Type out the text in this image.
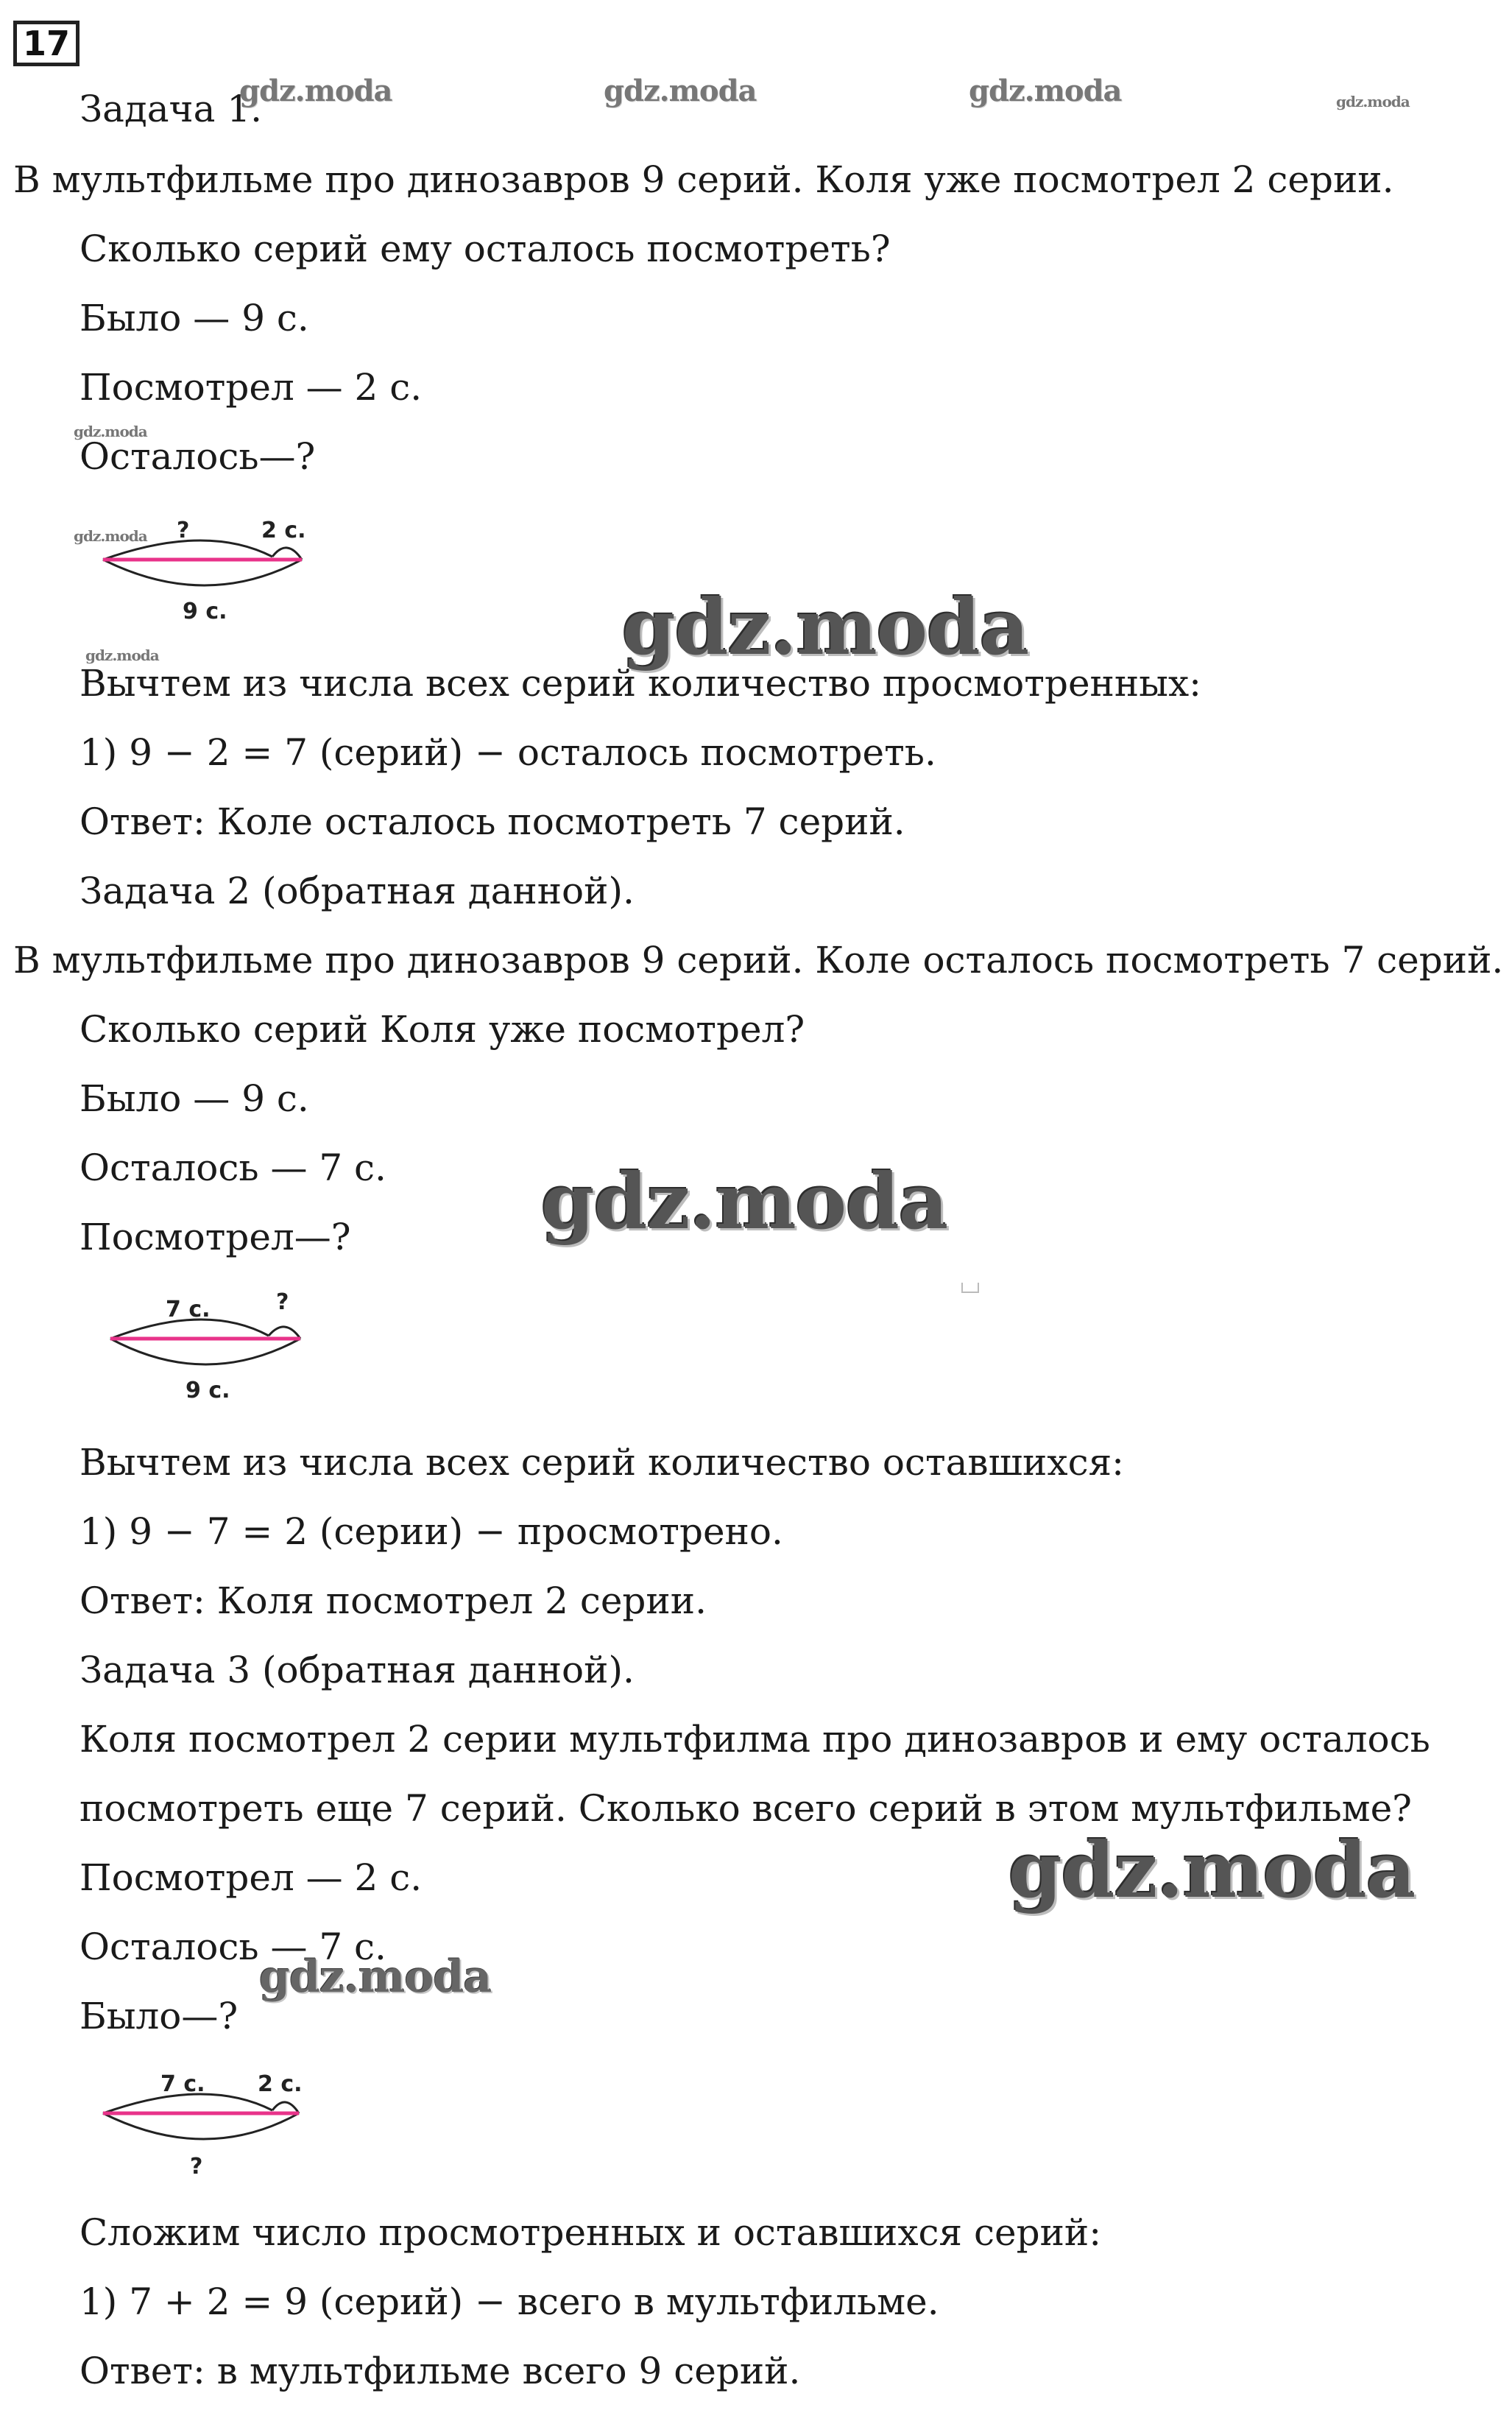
17
Задача 1.
В мультфильме про динозавров 9 серий. Коля уже посмотрел 2 серии.
Сколько серий ему осталось посмотреть?
Было — 9 с.
Посмотрел — 2 с.
Осталось—?
?	2 с.
9 с.
Вычтем из числа всех серий количество просмотренных:
1) 9 − 2 = 7 (серий) − осталось посмотреть.
Ответ: Коле осталось посмотреть 7 серий.
Задача 2 (обратная данной).
В мультфильме про динозавров 9 серий. Коле осталось посмотреть 7 серий.
Сколько серий Коля уже посмотрел?
Было — 9 с.
Осталось — 7 с.
Посмотрел—?
7 с.	?
9 с.
Вычтем из числа всех серий количество оставшихся:
1) 9 − 7 = 2 (серии) − просмотрено.
Ответ: Коля посмотрел 2 серии.
Задача 3 (обратная данной).
Коля посмотрел 2 серии мультфилма про динозавров и ему осталось
посмотреть еще 7 серий. Сколько всего серий в этом мультфильме?
Посмотрел — 2 с.
Осталось — 7 с.
Было—?
7 с. 2 с.
?
Сложим число просмотренных и оставшихся серий:
1) 7 + 2 = 9 (серий) − всего в мультфильме.
Ответ: в мультфильме всего 9 серий.
gdz.moda	gdz.moda	gdz.moda	gdz.moda
gdz.moda
gdz.moda
gdz.moda	gdz.moda
gdz.moda
gdz.moda
gdz.moda
